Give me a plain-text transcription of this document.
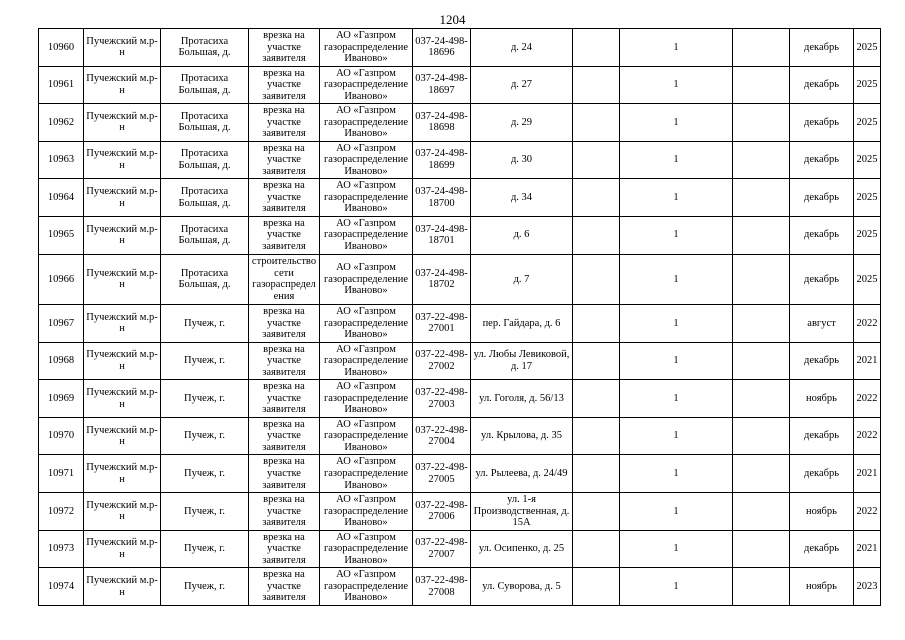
1204
10960	Пучежский м.р-н	Протасиха Большая, д.	врезка на участке заявителя	АО «Газпром газораспределение Иваново»	037-24-498-18696	д. 24		1		декабрь	2025
10961	Пучежский м.р-н	Протасиха Большая, д.	врезка на участке заявителя	АО «Газпром газораспределение Иваново»	037-24-498-18697	д. 27		1		декабрь	2025
10962	Пучежский м.р-н	Протасиха Большая, д.	врезка на участке заявителя	АО «Газпром газораспределение Иваново»	037-24-498-18698	д. 29		1		декабрь	2025
10963	Пучежский м.р-н	Протасиха Большая, д.	врезка на участке заявителя	АО «Газпром газораспределение Иваново»	037-24-498-18699	д. 30		1		декабрь	2025
10964	Пучежский м.р-н	Протасиха Большая, д.	врезка на участке заявителя	АО «Газпром газораспределение Иваново»	037-24-498-18700	д. 34		1		декабрь	2025
10965	Пучежский м.р-н	Протасиха Большая, д.	врезка на участке заявителя	АО «Газпром газораспределение Иваново»	037-24-498-18701	д. 6		1		декабрь	2025
10966	Пучежский м.р-н	Протасиха Большая, д.	строительство сети газораспределения	АО «Газпром газораспределение Иваново»	037-24-498-18702	д. 7		1		декабрь	2025
10967	Пучежский м.р-н	Пучеж, г.	врезка на участке заявителя	АО «Газпром газораспределение Иваново»	037-22-498-27001	пер. Гайдара, д. 6		1		август	2022
10968	Пучежский м.р-н	Пучеж, г.	врезка на участке заявителя	АО «Газпром газораспределение Иваново»	037-22-498-27002	ул. Любы Левиковой, д. 17		1		декабрь	2021
10969	Пучежский м.р-н	Пучеж, г.	врезка на участке заявителя	АО «Газпром газораспределение Иваново»	037-22-498-27003	ул. Гоголя, д. 56/13		1		ноябрь	2022
10970	Пучежский м.р-н	Пучеж, г.	врезка на участке заявителя	АО «Газпром газораспределение Иваново»	037-22-498-27004	ул. Крылова, д. 35		1		декабрь	2022
10971	Пучежский м.р-н	Пучеж, г.	врезка на участке заявителя	АО «Газпром газораспределение Иваново»	037-22-498-27005	ул. Рылеева, д. 24/49		1		декабрь	2021
10972	Пучежский м.р-н	Пучеж, г.	врезка на участке заявителя	АО «Газпром газораспределение Иваново»	037-22-498-27006	ул. 1-я Производственная, д. 15А		1		ноябрь	2022
10973	Пучежский м.р-н	Пучеж, г.	врезка на участке заявителя	АО «Газпром газораспределение Иваново»	037-22-498-27007	ул. Осипенко, д. 25		1		декабрь	2021
10974	Пучежский м.р-н	Пучеж, г.	врезка на участке заявителя	АО «Газпром газораспределение Иваново»	037-22-498-27008	ул. Суворова, д. 5		1		ноябрь	2023
